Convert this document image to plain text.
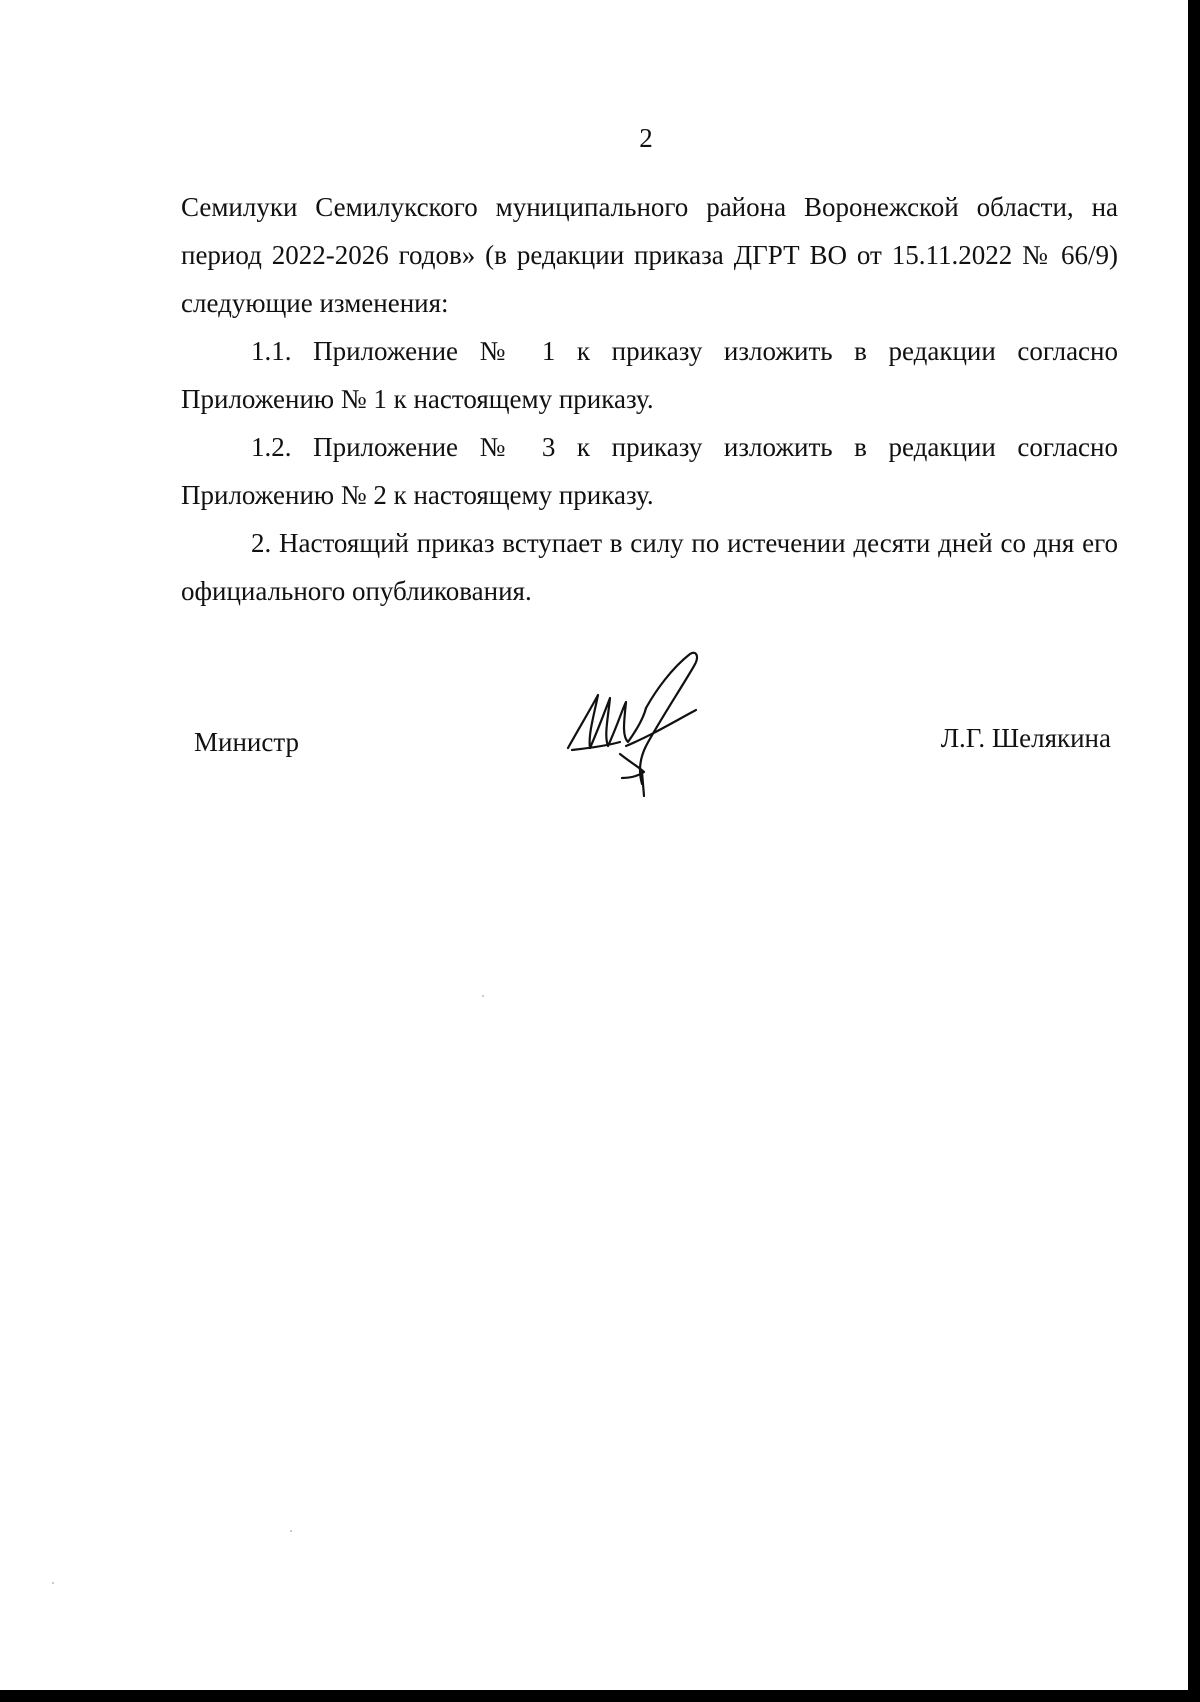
2

Семилуки Семилукского муниципального района Воронежской области, на период 2022-2026 годов» (в редакции приказа ДГРТ ВО от 15.11.2022 № 66/9) следующие изменения:

1.1. Приложение № 1 к приказу изложить в редакции согласно Приложению № 1 к настоящему приказу.

1.2. Приложение № 3 к приказу изложить в редакции согласно Приложению № 2 к настоящему приказу.

2. Настоящий приказ вступает в силу по истечении десяти дней со дня его официального опубликования.

Министр	Л.Г. Шелякина
